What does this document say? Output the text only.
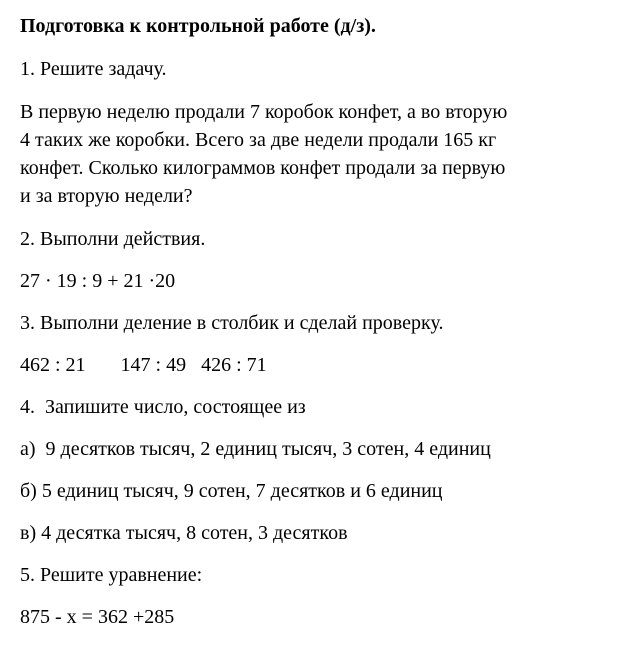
Подготовка к контрольной работе (д/з).
1. Решите задачу.
В первую неделю продали 7 коробок конфет, а во вторую
4 таких же коробки. Всего за две недели продали 165 кг
конфет. Сколько килограммов конфет продали за первую
и за вторую недели?
2. Выполни действия.
27 · 19 : 9 + 21 ·20
3. Выполни деление в столбик и сделай проверку.
462 : 21       147 : 49   426 : 71
4.  Запишите число, состоящее из
а)  9 десятков тысяч, 2 единиц тысяч, 3 сотен, 4 единиц
б) 5 единиц тысяч, 9 сотен, 7 десятков и 6 единиц
в) 4 десятка тысяч, 8 сотен, 3 десятков
5. Решите уравнение:
875 - х = 362 +285
